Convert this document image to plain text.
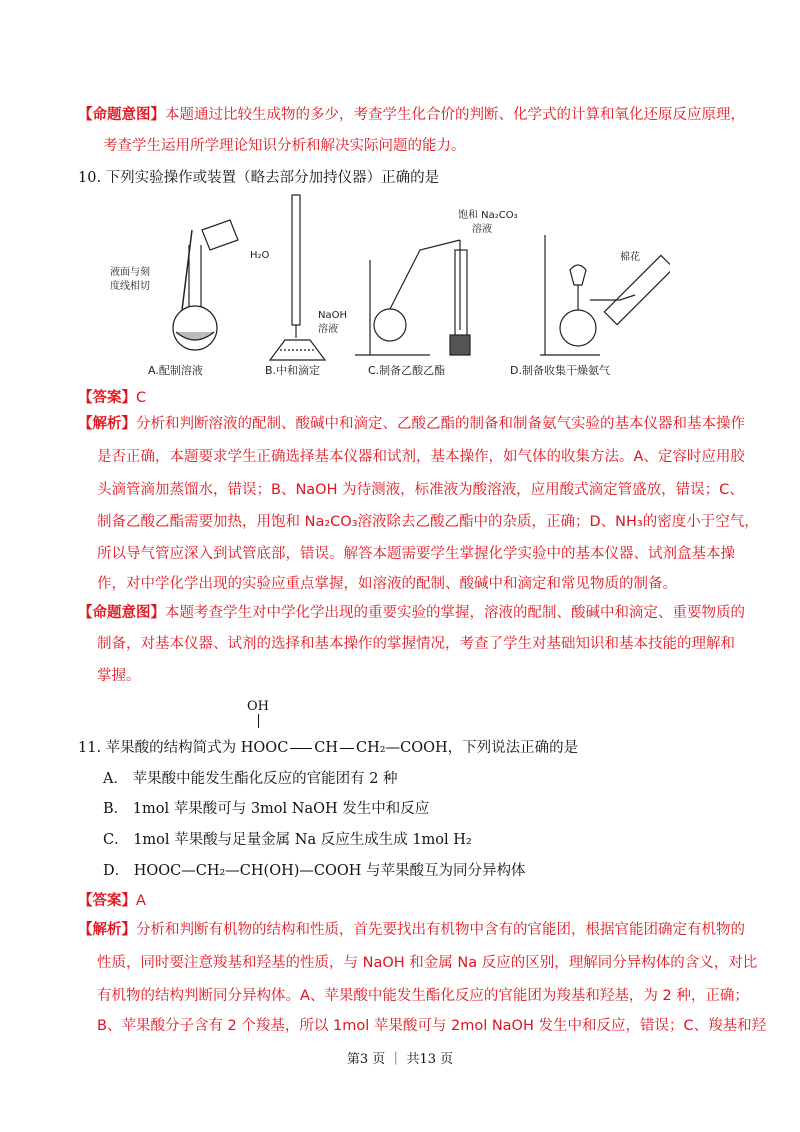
【命题意图】本题通过比较生成物的多少，考查学生化合价的判断、化学式的计算和氧化还原反应原理，
考查学生运用所学理论知识分析和解决实际问题的能力。
10. 下列实验操作或装置（略去部分加持仪器）正确的是
液面与刻
度线相切
H₂O
A.配制溶液
NaOH
溶液
B.中和滴定
饱和 Na₂CO₃
溶液
C.制备乙酸乙酯
棉花
D.制备收集干燥氨气
【答案】C
【解析】分析和判断溶液的配制、酸碱中和滴定、乙酸乙酯的制备和制备氨气实验的基本仪器和基本操作
是否正确，本题要求学生正确选择基本仪器和试剂，基本操作，如气体的收集方法。A、定容时应用胶
头滴管滴加蒸馏水，错误；B、NaOH 为待测液，标准液为酸溶液，应用酸式滴定管盛放，错误；C、
制备乙酸乙酯需要加热，用饱和 Na₂CO₃溶液除去乙酸乙酯中的杂质，正确；D、NH₃的密度小于空气，
所以导气管应深入到试管底部，错误。解答本题需要学生掌握化学实验中的基本仪器、试剂盒基本操
作，对中学化学出现的实验应重点掌握，如溶液的配制、酸碱中和滴定和常见物质的制备。
【命题意图】本题考查学生对中学化学出现的重要实验的掌握，溶液的配制、酸碱中和滴定、重要物质的
制备，对基本仪器、试剂的选择和基本操作的掌握情况，考查了学生对基础知识和基本技能的理解和
掌握。
OH
11. 苹果酸的结构简式为 HOOC CH CH₂—COOH，下列说法正确的是
A． 苹果酸中能发生酯化反应的官能团有 2 种
B． 1mol 苹果酸可与 3mol NaOH 发生中和反应
C． 1mol 苹果酸与足量金属 Na 反应生成生成 1mol H₂
D． HOOC—CH₂—CH(OH)—COOH 与苹果酸互为同分异构体
【答案】A
【解析】分析和判断有机物的结构和性质，首先要找出有机物中含有的官能团，根据官能团确定有机物的
性质，同时要注意羧基和羟基的性质，与 NaOH 和金属 Na 反应的区别，理解同分异构体的含义，对比
有机物的结构判断同分异构体。A、苹果酸中能发生酯化反应的官能团为羧基和羟基，为 2 种，正确；
B、苹果酸分子含有 2 个羧基，所以 1mol 苹果酸可与 2mol NaOH 发生中和反应，错误；C、羧基和羟
第3 页 ｜ 共13 页
